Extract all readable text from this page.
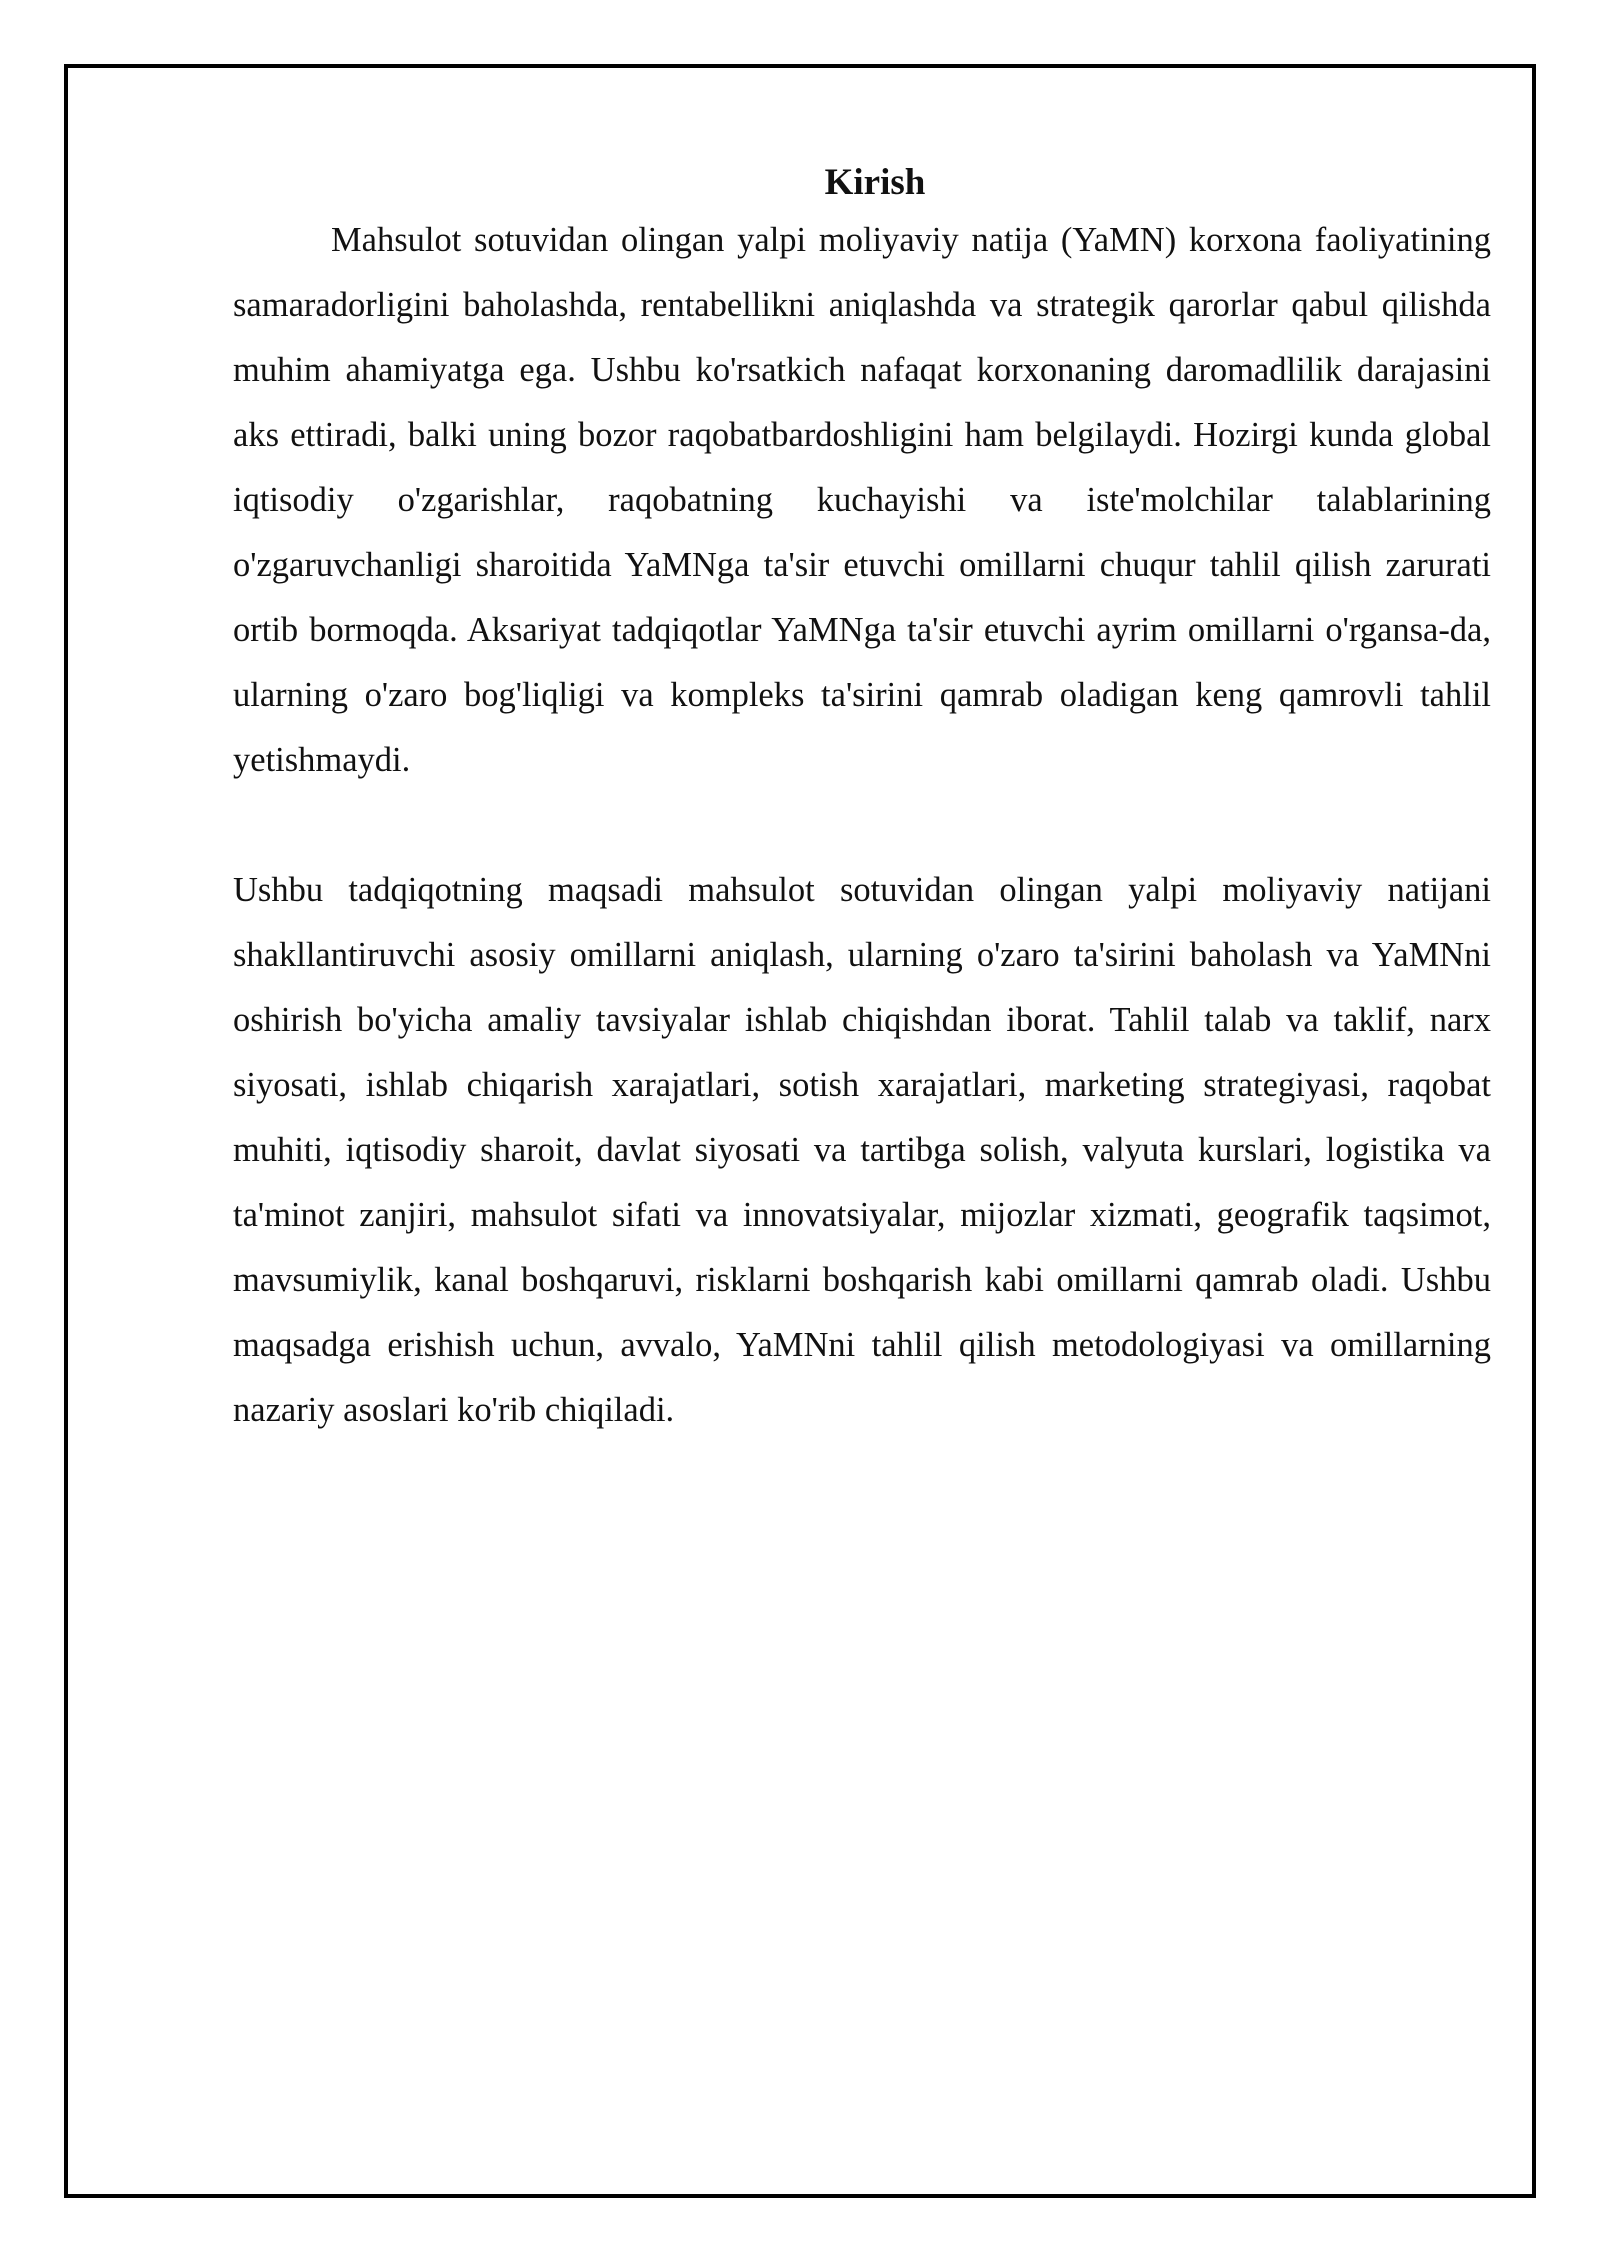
Kirish

Mahsulot sotuvidan olingan yalpi moliyaviy natija (YaMN) korxona faoliyatining samaradorligini baholashda, rentabellikni aniqlashda va strategik qarorlar qabul qilishda muhim ahamiyatga ega. Ushbu ko'rsatkich nafaqat korxonaning daromadlilik darajasini aks ettiradi, balki uning bozor raqobatbardoshligini ham belgilaydi. Hozirgi kunda global iqtisodiy o'zgarishlar, raqobatning kuchayishi va iste'molchilar talablarining o'zgaruvchanligi sharoitida YaMNga ta'sir etuvchi omillarni chuqur tahlil qilish zarurati ortib bormoqda. Aksariyat tadqiqotlar YaMNga ta'sir etuvchi ayrim omillarni o'rgansa-da, ularning o'zaro bog'liqligi va kompleks ta'sirini qamrab oladigan keng qamrovli tahlil yetishmaydi.

Ushbu tadqiqotning maqsadi mahsulot sotuvidan olingan yalpi moliyaviy natijani shakllantiruvchi asosiy omillarni aniqlash, ularning o'zaro ta'sirini baholash va YaMNni oshirish bo'yicha amaliy tavsiyalar ishlab chiqishdan iborat. Tahlil talab va taklif, narx siyosati, ishlab chiqarish xarajatlari, sotish xarajatlari, marketing strategiyasi, raqobat muhiti, iqtisodiy sharoit, davlat siyosati va tartibga solish, valyuta kurslari, logistika va ta'minot zanjiri, mahsulot sifati va innovatsiyalar, mijozlar xizmati, geografik taqsimot, mavsumiylik, kanal boshqaruvi, risklarni boshqarish kabi omillarni qamrab oladi. Ushbu maqsadga erishish uchun, avvalo, YaMNni tahlil qilish metodologiyasi va omillarning nazariy asoslari ko'rib chiqiladi.
